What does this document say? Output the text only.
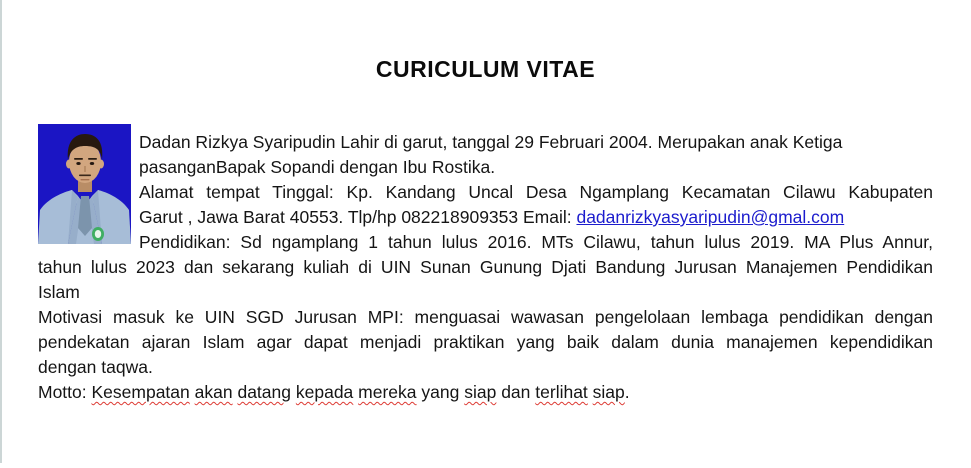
CURICULUM VITAE
Dadan Rizkya Syaripudin Lahir di garut, tanggal 29 Februari 2004. Merupakan anak Ketiga
pasanganBapak Sopandi dengan Ibu Rostika.
Alamat tempat Tinggal: Kp. Kandang Uncal Desa Ngamplang Kecamatan Cilawu Kabupaten
Garut , Jawa Barat 40553. Tlp/hp 082218909353 Email: dadanrizkyasyaripudin@gmal.com
Pendidikan: Sd ngamplang 1 tahun lulus 2016. MTs Cilawu, tahun lulus 2019. MA Plus Annur,
tahun lulus 2023 dan sekarang kuliah di UIN Sunan Gunung Djati Bandung Jurusan Manajemen Pendidikan
Islam
Motivasi masuk ke UIN SGD Jurusan MPI: menguasai wawasan pengelolaan lembaga pendidikan dengan
pendekatan ajaran Islam agar dapat menjadi praktikan yang baik dalam dunia manajemen kependidikan
dengan taqwa.
Motto: Kesempatan akan datang kepada mereka yang siap dan terlihat siap.
